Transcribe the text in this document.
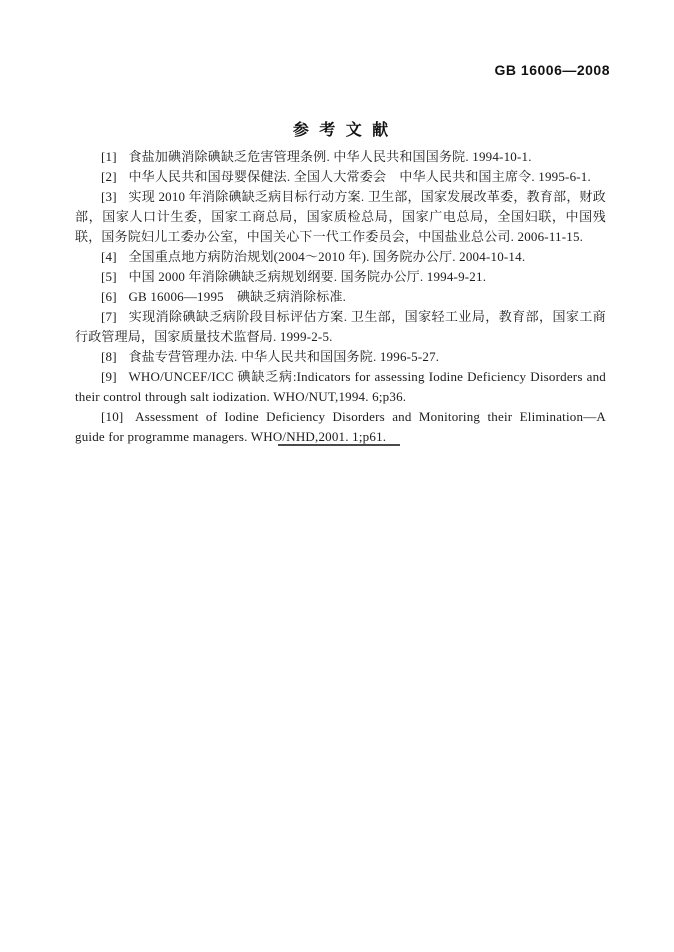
GB 16006—2008
参考文献

[1] 食盐加碘消除碘缺乏危害管理条例. 中华人民共和国国务院. 1994-10-1.

[2] 中华人民共和国母婴保健法. 全国人大常委会　中华人民共和国主席令. 1995-6-1.

[3] 实现 2010 年消除碘缺乏病目标行动方案. 卫生部，国家发展改革委，教育部，财政部，国家人口计生委，国家工商总局，国家质检总局，国家广电总局，全国妇联，中国残联，国务院妇儿工委办公室，中国关心下一代工作委员会，中国盐业总公司. 2006-11-15.

[4] 全国重点地方病防治规划(2004～2010 年). 国务院办公厅. 2004-10-14.

[5] 中国 2000 年消除碘缺乏病规划纲要. 国务院办公厅. 1994-9-21.

[6] GB 16006—1995　碘缺乏病消除标准.

[7] 实现消除碘缺乏病阶段目标评估方案. 卫生部，国家轻工业局，教育部，国家工商行政管理局，国家质量技术监督局. 1999-2-5.

[8] 食盐专营管理办法. 中华人民共和国国务院. 1996-5-27.

[9] WHO/UNCEF/ICC 碘缺乏病:Indicators for assessing Iodine Deficiency Disorders and their control through salt iodization. WHO/NUT,1994. 6;p36.

[10] Assessment of Iodine Deficiency Disorders and Monitoring their Elimination—A guide for programme managers. WHO/NHD,2001. 1;p61.
